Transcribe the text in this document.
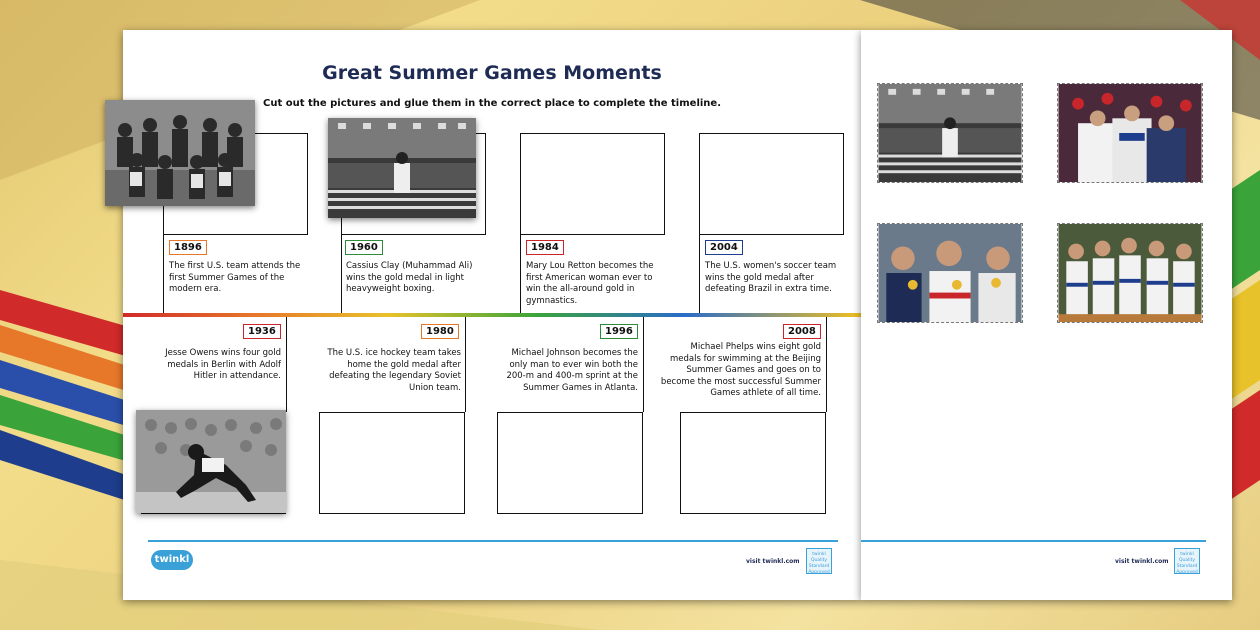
Great Summer Games Moments

Cut out the pictures and glue them in the correct place to complete the timeline.

1896	1960	1984	2004

The first U.S. team attends the first Summer Games of the modern era.

Cassius Clay (Muhammad Ali) wins the gold medal in light heavyweight boxing.

Mary Lou Retton becomes the first American woman ever to win the all-around gold in gymnastics.

The U.S. women's soccer team wins the gold medal after defeating Brazil in extra time.

1936	1980	1996	2008

Jesse Owens wins four gold medals in Berlin with Adolf Hitler in attendance.

The U.S. ice hockey team takes home the gold medal after defeating the legendary Soviet Union team.

Michael Johnson becomes the only man to ever win both the 200-m and 400-m sprint at the Summer Games in Atlanta.

Michael Phelps wins eight gold medals for swimming at the Beijing Summer Games and goes on to become the most successful Summer Games athlete of all time.

twinkl	visit twinkl.com
twinkl Quality Standard Approved
visit twinkl.com
twinkl Quality Standard Approved
